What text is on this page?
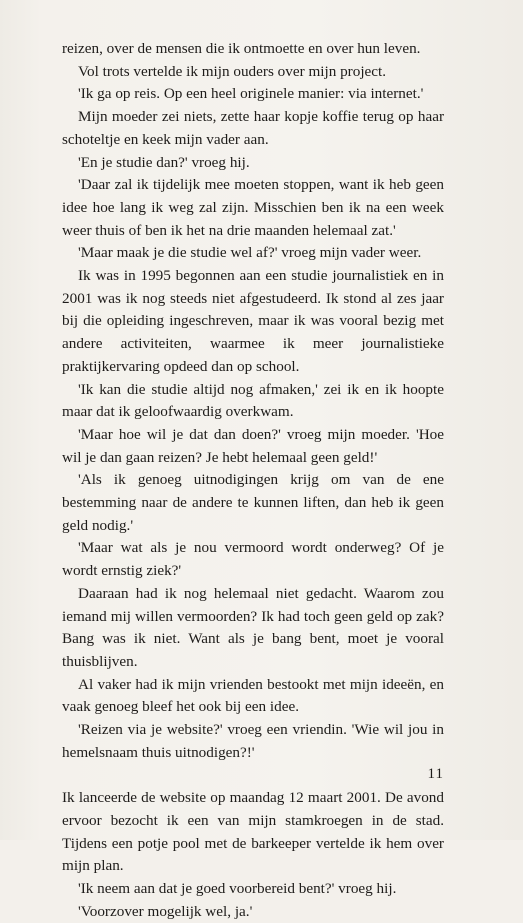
reizen, over de mensen die ik ontmoette en over hun leven.

Vol trots vertelde ik mijn ouders over mijn project.

'Ik ga op reis. Op een heel originele manier: via internet.'

Mijn moeder zei niets, zette haar kopje koffie terug op haar schoteltje en keek mijn vader aan.

'En je studie dan?' vroeg hij.

'Daar zal ik tijdelijk mee moeten stoppen, want ik heb geen idee hoe lang ik weg zal zijn. Misschien ben ik na een week weer thuis of ben ik het na drie maanden helemaal zat.'

'Maar maak je die studie wel af?' vroeg mijn vader weer.

Ik was in 1995 begonnen aan een studie journalistiek en in 2001 was ik nog steeds niet afgestudeerd. Ik stond al zes jaar bij die opleiding ingeschreven, maar ik was vooral bezig met andere activiteiten, waarmee ik meer journalistieke praktijkervaring opdeed dan op school.

'Ik kan die studie altijd nog afmaken,' zei ik en ik hoopte maar dat ik geloofwaardig overkwam.

'Maar hoe wil je dat dan doen?' vroeg mijn moeder. 'Hoe wil je dan gaan reizen? Je hebt helemaal geen geld!'

'Als ik genoeg uitnodigingen krijg om van de ene bestemming naar de andere te kunnen liften, dan heb ik geen geld nodig.'

'Maar wat als je nou vermoord wordt onderweg? Of je wordt ernstig ziek?'

Daaraan had ik nog helemaal niet gedacht. Waarom zou iemand mij willen vermoorden? Ik had toch geen geld op zak? Bang was ik niet. Want als je bang bent, moet je vooral thuisblijven.

Al vaker had ik mijn vrienden bestookt met mijn ideeën, en vaak genoeg bleef het ook bij een idee.

'Reizen via je website?' vroeg een vriendin. 'Wie wil jou in hemelsnaam thuis uitnodigen?!'

Ik lanceerde de website op maandag 12 maart 2001. De avond ervoor bezocht ik een van mijn stamkroegen in de stad. Tijdens een potje pool met de barkeeper vertelde ik hem over mijn plan.

'Ik neem aan dat je goed voorbereid bent?' vroeg hij.

'Voorzover mogelijk wel, ja.'

11
